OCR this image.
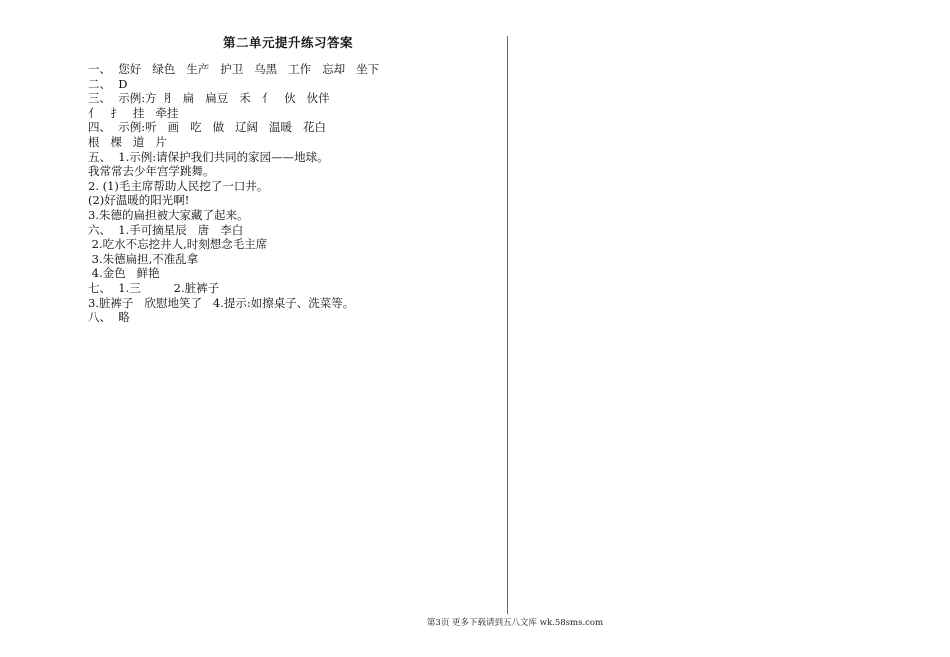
第二单元提升练习答案
一、  您好   绿色   生产   护卫   乌黑   工作   忘却   坐下
二、  D
三、  示例:方  ⺼  扁   扁豆   禾   亻   伙   伙伴
亻   扌   挂   牵挂
四、  示例:听   画   吃   做   辽阔   温暖   花白
根   棵   道   片
五、  1.示例:请保护我们共同的家园——地球。
我常常去少年宫学跳舞。
2. (1)毛主席帮助人民挖了一口井。
(2)好温暖的阳光啊!
3.朱德的扁担被大家藏了起来。
六、  1.手可摘星辰   唐   李白
2.吃水不忘挖井人,时刻想念毛主席
3.朱德扁担,不准乱拿
4.金色   鲜艳
七、  1.三         2.脏裤子
3.脏裤子   欣慰地笑了   4.提示:如擦桌子、洗菜等。
八、  略
第3页 更多下载请到五八文库 wk.58sms.com
